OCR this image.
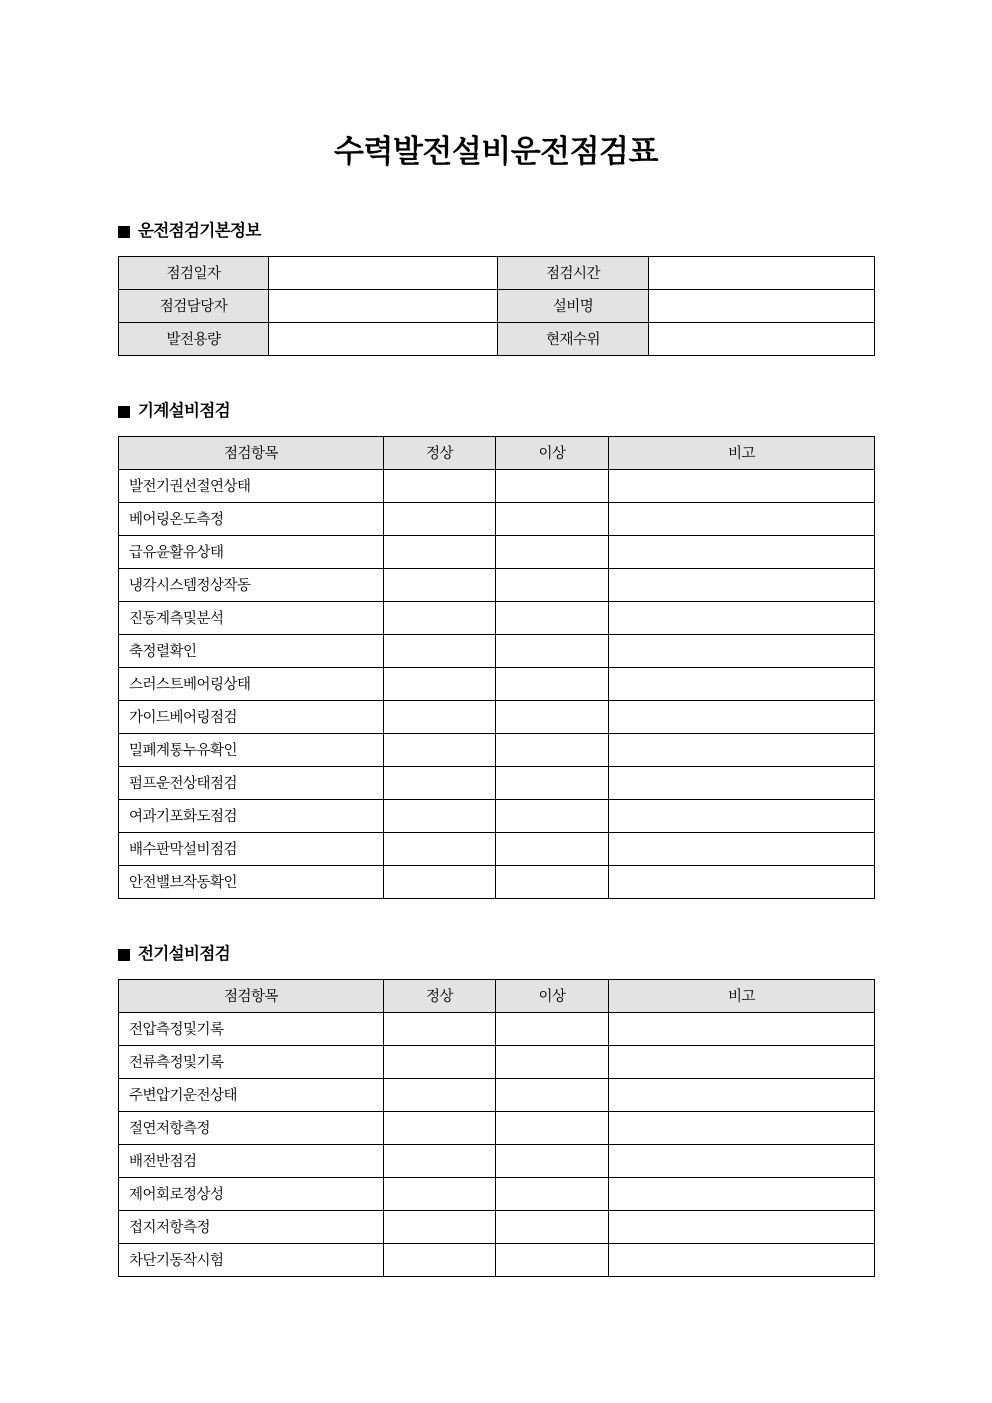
수력발전설비운전점검표
운전점검기본정보
점검일자		점검시간	
점검담당자		설비명	
발전용량		현재수위	
기계설비점검
점검항목	정상	이상	비고
발전기권선절연상태			
베어링온도측정			
급유윤활유상태			
냉각시스템정상작동			
진동계측및분석			
축정렬확인			
스러스트베어링상태			
가이드베어링점검			
밀폐계통누유확인			
펌프운전상태점검			
여과기포화도점검			
배수판막설비점검			
안전밸브작동확인			
전기설비점검
점검항목	정상	이상	비고
전압측정및기록			
전류측정및기록			
주변압기운전상태			
절연저항측정			
배전반점검			
제어회로정상성			
접지저항측정			
차단기동작시험			
